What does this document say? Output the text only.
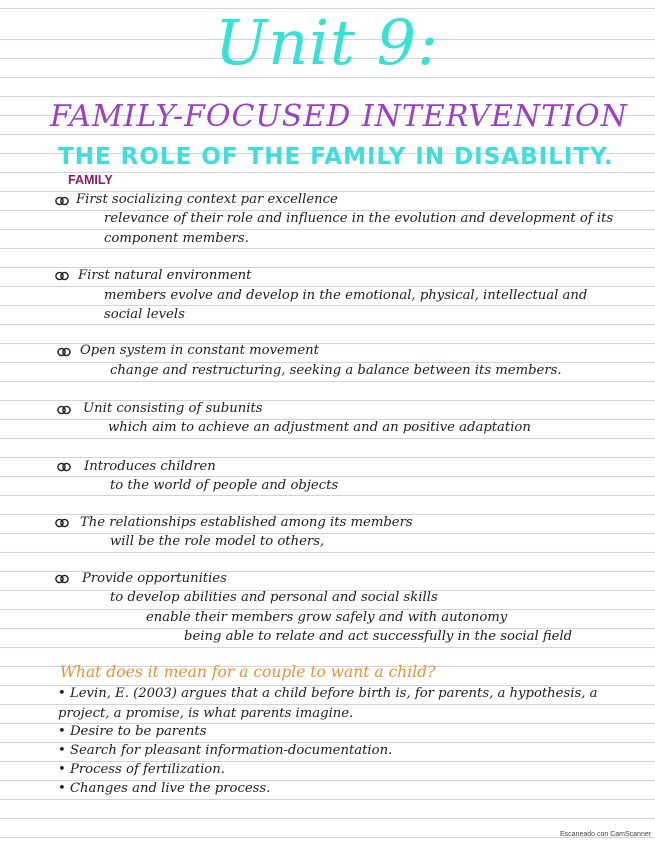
Unit 9:
FAMILY-FOCUSED INTERVENTION
THE ROLE OF THE FAMILY IN DISABILITY.
FAMILY
First socializing context par excellence
relevance of their role and influence in the evolution and development of its
component members.
First natural environment
members evolve and develop in the emotional, physical, intellectual and
social levels
Open system in constant movement
change and restructuring, seeking a balance between its members.
Unit consisting of subunits
which aim to achieve an adjustment and an positive adaptation
Introduces children
to the world of people and objects
The relationships established among its members
will be the role model to others,
Provide opportunities
to develop abilities and personal and social skills
enable their members grow safely and with autonomy
being able to relate and act successfully in the social field
What does it mean for a couple to want a child?
• Levin, E. (2003) argues that a child before birth is, for parents, a hypothesis, a
project, a promise, is what parents imagine.
• Desire to be parents
• Search for pleasant information-documentation.
• Process of fertilization.
• Changes and live the process.
Escaneado con CamScanner
